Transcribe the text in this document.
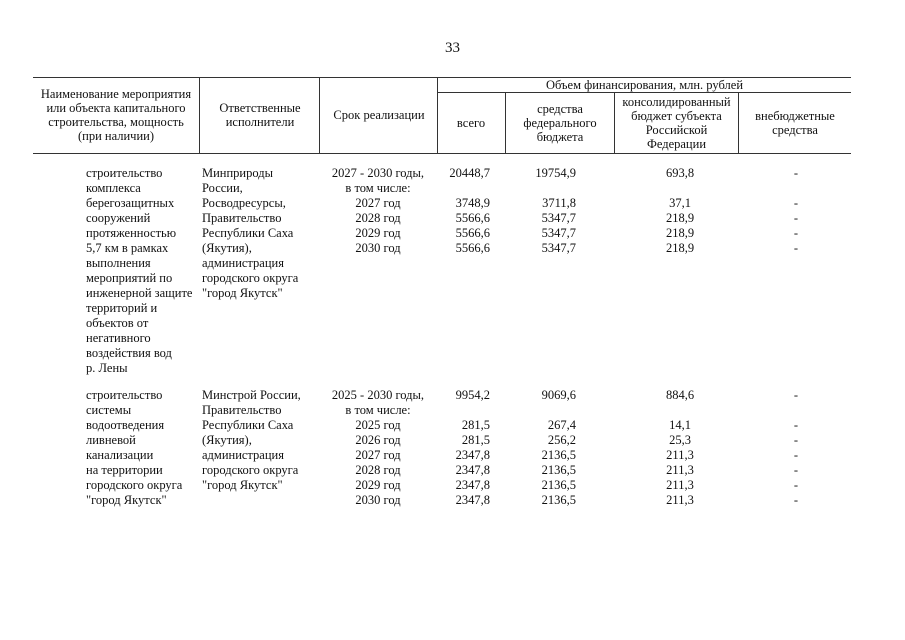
33
Наименование мероприятия или объекта капитального строительства, мощность (при наличии)
Ответственные исполнители	Срок реализации
Объем финансирования, млн. рублей
всего
средства федерального бюджета
консолидированный бюджет субъекта Российской Федерации
внебюджетные средства
строительство
комплекса
берегозащитных
сооружений
протяженностью
5,7 км в рамках
выполнения
мероприятий по
инженерной защите
территорий и
объектов от
негативного
воздействия вод
р. Лены
Минприроды
России,
Росводресурсы,
Правительство
Республики Саха
(Якутия),
администрация
городского округа
"город Якутск"
2027 - 2030 годы,
в том числе:
2027 год
2028 год
2029 год
2030 год
20448,7
3748,9
5566,6
5566,6
5566,6
19754,9
3711,8
5347,7
5347,7
5347,7
693,8
37,1
218,9
218,9
218,9
-
-
-
-
-
строительство
системы
водоотведения
ливневой
канализации
на территории
городского округа
"город Якутск"
Минстрой России,
Правительство
Республики Саха
(Якутия),
администрация
городского округа
"город Якутск"
2025 - 2030 годы,
в том числе:
2025 год
2026 год
2027 год
2028 год
2029 год
2030 год
9954,2
281,5
281,5
2347,8
2347,8
2347,8
2347,8
9069,6
267,4
256,2
2136,5
2136,5
2136,5
2136,5
884,6
14,1
25,3
211,3
211,3
211,3
211,3
-
-
-
-
-
-
-
